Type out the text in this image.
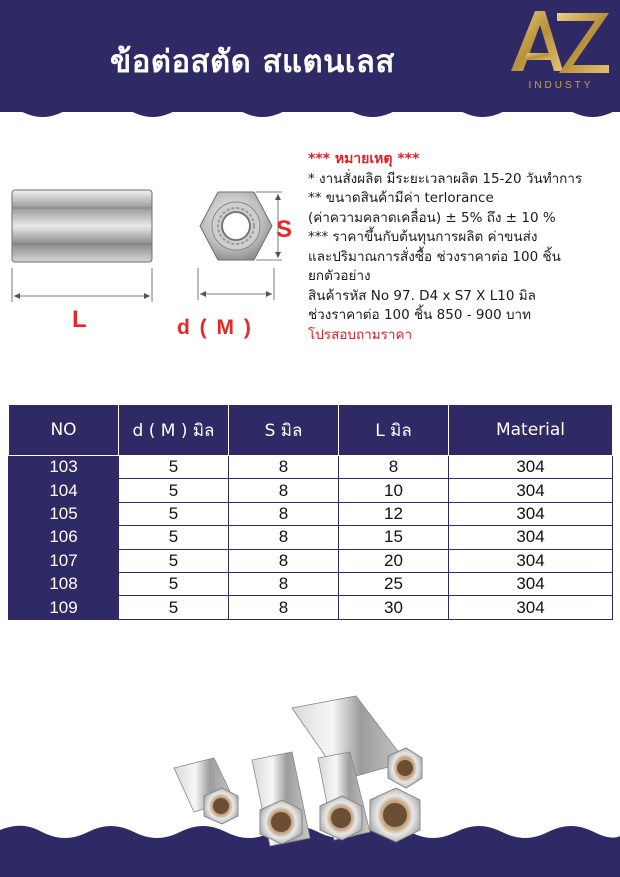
ข้อต่อสตัด สแตนเลส
INDUSTY
S
L	d ( M )
*** หมายเหตุ ***
* งานสั่งผลิต มีระยะเวลาผลิต 15-20 วันทำการ
** ขนาดสินค้ามีค่า terlorance
(ค่าความคลาดเคลื่อน) ± 5% ถึง ± 10 %
*** ราคาขึ้นกับต้นทุนการผลิต ค่าขนส่ง
และปริมาณการสั่งซื้อ ช่วงราคาต่อ 100 ชิ้น
ยกตัวอย่าง
สินค้ารหัส No 97. D4 x S7 X L10 มิล
ช่วงราคาต่อ 100 ชิ้น 850 - 900 บาท
โปรสอบถามราคา
NO	d ( M ) มิล	S มิล	L มิล	Material
103	5	8	8	304
104	5	8	10	304
105	5	8	12	304
106	5	8	15	304
107	5	8	20	304
108	5	8	25	304
109	5	8	30	304
